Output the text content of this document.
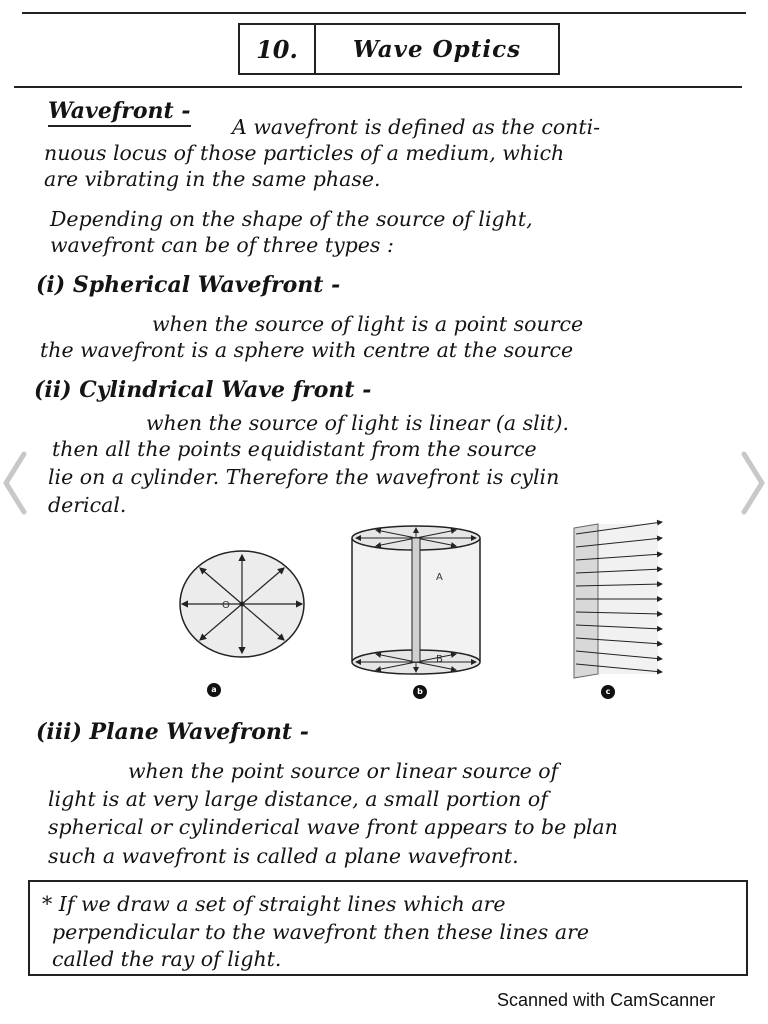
10.	Wave Optics
Wavefront -
A wavefront is defined as the conti-
nuous locus of those particles of a medium, which
are vibrating in the same phase.
Depending on the shape of the source of light,
wavefront can be of three types :
(i) Spherical Wavefront -
when the source of light is a point source
the wavefront is a sphere with centre at the source
(ii) Cylindrical Wave front -
when the source of light is linear (a slit).
then all the points equidistant from the source
lie on a cylinder. Therefore the wavefront is cylin
derical.
O
a
A
B
b	c
(iii) Plane Wavefront -
when the point source or linear source of
light is at very large distance, a small portion of
spherical or cylinderical wave front appears to be plan
such a wavefront is called a plane wavefront.
* If we draw a set of straight lines which are
perpendicular to the wavefront then these lines are
called the ray of light.
Scanned with CamScanner
